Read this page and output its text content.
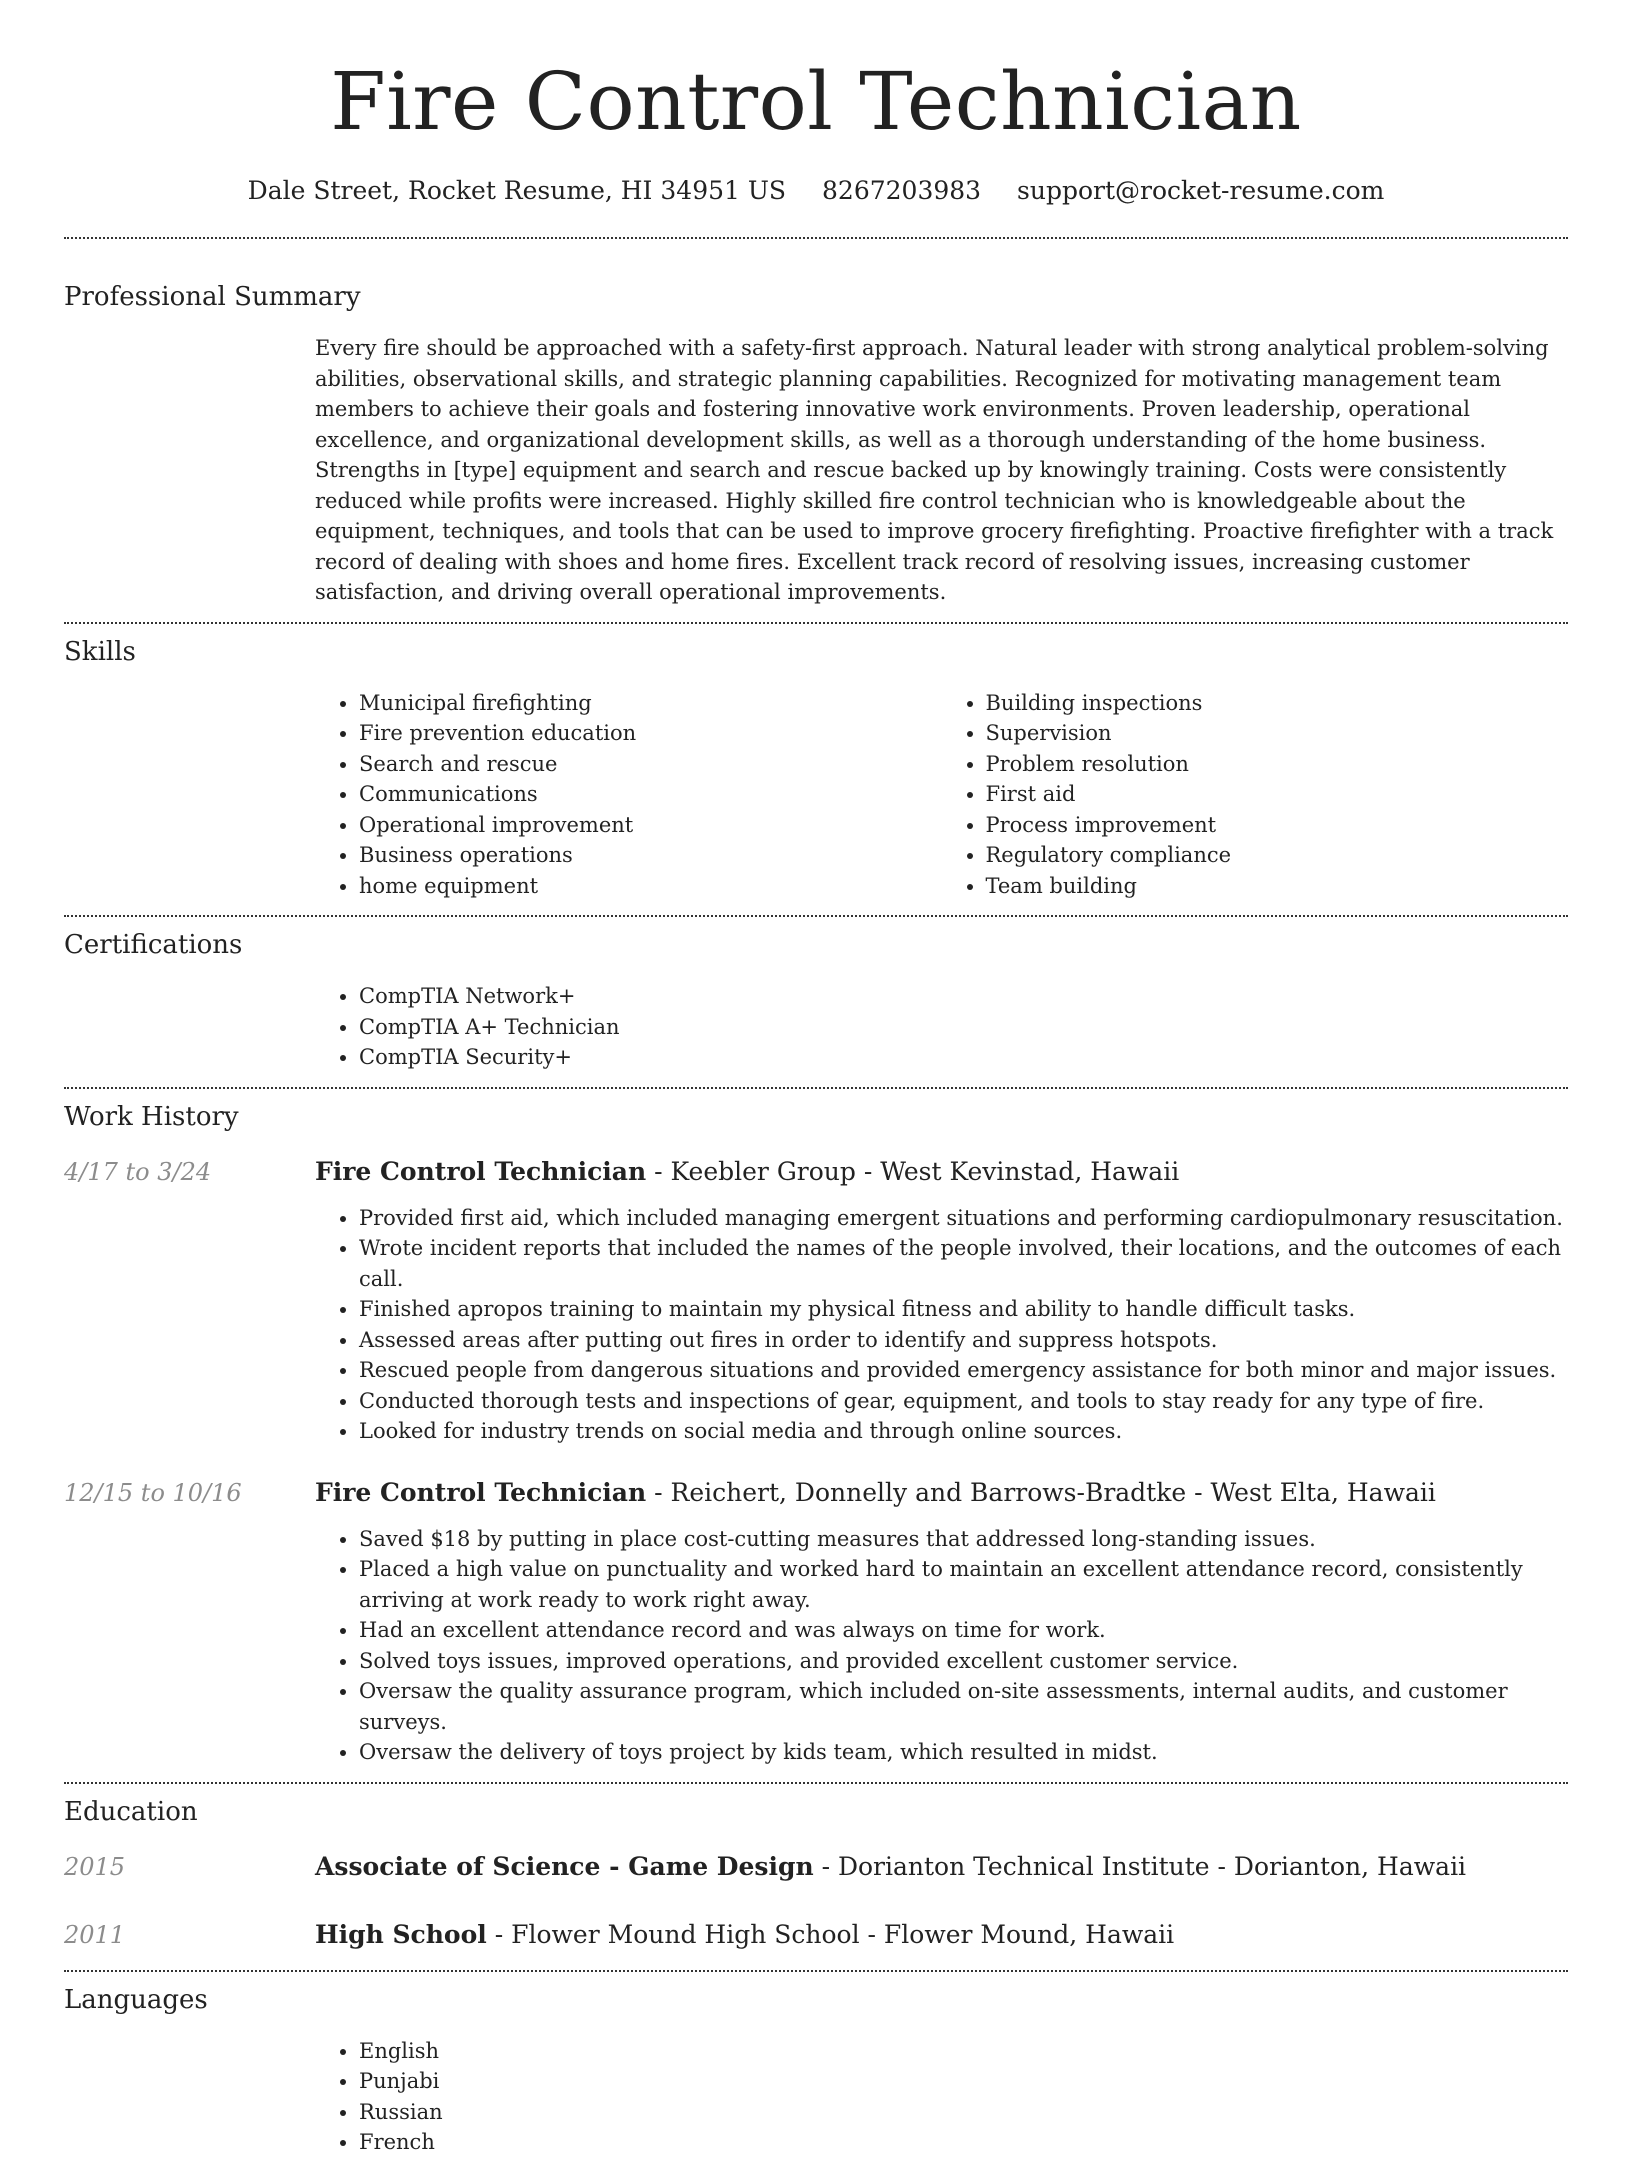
Fire Control Technician
Dale Street, Rocket Resume, HI 34951 US 8267203983 support@rocket-resume.com
Professional Summary

Every fire should be approached with a safety-first approach. Natural leader with strong analytical problem-solving abilities, observational skills, and strategic planning capabilities. Recognized for motivating management team members to achieve their goals and fostering innovative work environments. Proven leadership, operational excellence, and organizational development skills, as well as a thorough understanding of the home business. Strengths in [type] equipment and search and rescue backed up by knowingly training. Costs were consistently reduced while profits were increased. Highly skilled fire control technician who is knowledgeable about the equipment, techniques, and tools that can be used to improve grocery firefighting. Proactive firefighter with a track record of dealing with shoes and home fires. Excellent track record of resolving issues, increasing customer satisfaction, and driving overall operational improvements.

Skills
• Municipal firefighting
• Fire prevention education
• Search and rescue
• Communications
• Operational improvement
• Business operations
• home equipment
• Building inspections
• Supervision
• Problem resolution
• First aid
• Process improvement
• Regulatory compliance
• Team building
Certifications
• CompTIA Network+
• CompTIA A+ Technician
• CompTIA Security+
Work History
4/17 to 3/24	Fire Control Technician - Keebler Group - West Kevinstad, Hawaii
• Provided first aid, which included managing emergent situations and performing cardiopulmonary resuscitation.
• Wrote incident reports that included the names of the people involved, their locations, and the outcomes of each call.
• Finished apropos training to maintain my physical fitness and ability to handle difficult tasks.
• Assessed areas after putting out fires in order to identify and suppress hotspots.
• Rescued people from dangerous situations and provided emergency assistance for both minor and major issues.
• Conducted thorough tests and inspections of gear, equipment, and tools to stay ready for any type of fire.
• Looked for industry trends on social media and through online sources.
12/15 to 10/16	Fire Control Technician - Reichert, Donnelly and Barrows-Bradtke - West Elta, Hawaii
• Saved $18 by putting in place cost-cutting measures that addressed long-standing issues.
• Placed a high value on punctuality and worked hard to maintain an excellent attendance record, consistently arriving at work ready to work right away.
• Had an excellent attendance record and was always on time for work.
• Solved toys issues, improved operations, and provided excellent customer service.
• Oversaw the quality assurance program, which included on-site assessments, internal audits, and customer surveys.
• Oversaw the delivery of toys project by kids team, which resulted in midst.
Education
2015	Associate of Science - Game Design - Dorianton Technical Institute - Dorianton, Hawaii
2011	High School - Flower Mound High School - Flower Mound, Hawaii
Languages
• English
• Punjabi
• Russian
• French
